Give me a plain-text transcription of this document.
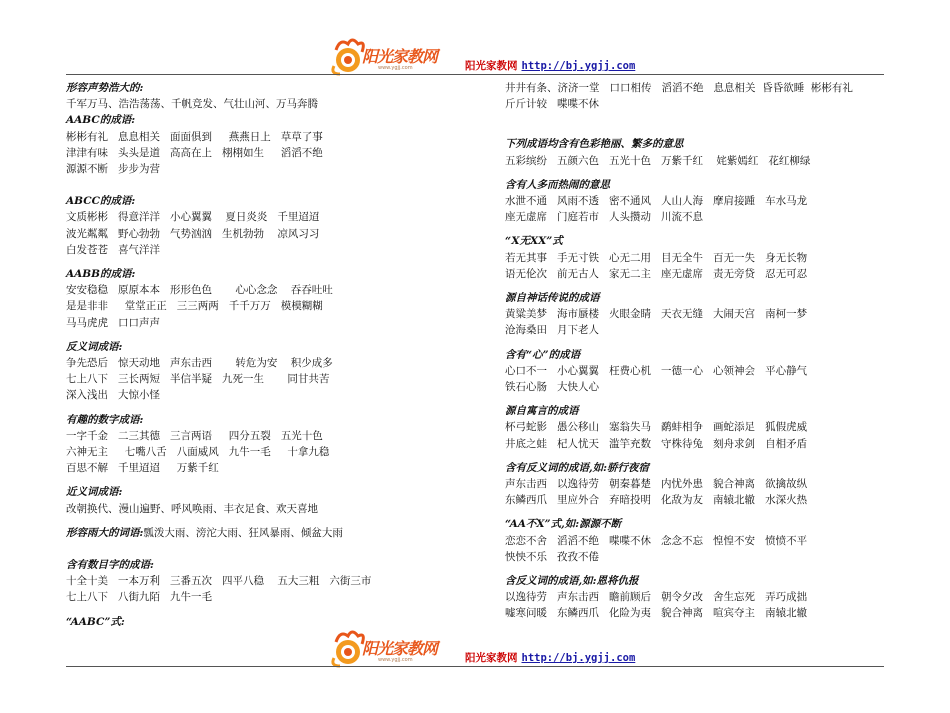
阳光家教网
www.ygjj.com	阳光家教网 http://bj.ygjj.com
形容声势浩大的:
千军万马、浩浩荡荡、千帆竞发、气壮山河、万马奔腾
AABC的成语:
彬彬有礼   息息相关   面面俱到     燕燕日上   草草了事
津津有味   头头是道   高高在上   栩栩如生     滔滔不绝
源源不断   步步为营
ABCC的成语:
文质彬彬   得意洋洋   小心翼翼    夏日炎炎   千里迢迢
波光粼粼   野心勃勃   气势汹汹   生机勃勃    凉风习习
白发苍苍   喜气洋洋
AABB的成语:
安安稳稳   原原本本   形形色色       心心念念    吞吞吐吐
是是非非     堂堂正正   三三两两   千千万万   模模糊糊
马马虎虎   口口声声
反义词成语:
争先恐后   惊天动地   声东击西       转危为安    积少成多
七上八下   三长两短   半信半疑   九死一生       同甘共苦
深入浅出   大惊小怪
有趣的数字成语:
一字千金   二三其德   三言两语     四分五裂   五光十色
六神无主     七嘴八舌   八面威风   九牛一毛     十拿九稳
百思不解   千里迢迢     万紫千红
近义词成语:
改朝换代、漫山遍野、呼风唤雨、丰衣足食、欢天喜地
形容雨大的词语:瓢泼大雨、滂沱大雨、狂风暴雨、倾盆大雨
含有数目字的成语:
十全十美   一本万利   三番五次   四平八稳    五大三粗   六街三市
七上八下   八街九陌   九牛一毛
“AABC”式:
井井有条、济济一堂   口口相传   滔滔不绝   息息相关  昏昏欲睡  彬彬有礼
斤斤计较   喋喋不休
下列成语均含有色彩艳丽、繁多的意思
五彩缤纷   五颜六色   五光十色   万紫千红    姹紫嫣红   花红柳绿
含有人多而热闹的意思
水泄不通   风雨不透   密不通风   人山人海   摩肩接踵   车水马龙
座无虚席   门庭若市   人头攒动   川流不息
“X无XX”式
若无其事   手无寸铁   心无二用   目无全牛   百无一失   身无长物
语无伦次   前无古人   家无二主   座无虚席   责无旁贷   忍无可忍
源自神话传说的成语
黄粱美梦   海市蜃楼   火眼金睛   天衣无缝   大闹天宫   南柯一梦
沧海桑田   月下老人
含有“心”的成语
心口不一   小心翼翼   枉费心机   一德一心   心领神会   平心静气
铁石心肠   大快人心
源自寓言的成语
杯弓蛇影   愚公移山   塞翁失马   鹬蚌相争   画蛇添足   狐假虎威
井底之蛙   杞人忧天   滥竽充数   守株待兔   刻舟求剑   自相矛盾
含有反义词的成语,如:骄行夜宿
声东击西   以逸待劳   朝秦暮楚   内忧外患   貌合神离   欲擒故纵
东鳞西爪   里应外合   弃暗投明   化敌为友   南辕北辙   水深火热
“AA不X”式,如:源源不断
恋恋不舍   滔滔不绝   喋喋不休   念念不忘   惶惶不安   愤愤不平
怏怏不乐   孜孜不倦
含反义词的成语,如:恩将仇报
以逸待劳   声东击西   瞻前顾后   朝令夕改   舍生忘死   弄巧成拙
嘘寒问暖   东鳞西爪   化险为夷   貌合神离   喧宾夺主   南辕北辙
阳光家教网
www.ygjj.com	阳光家教网 http://bj.ygjj.com
